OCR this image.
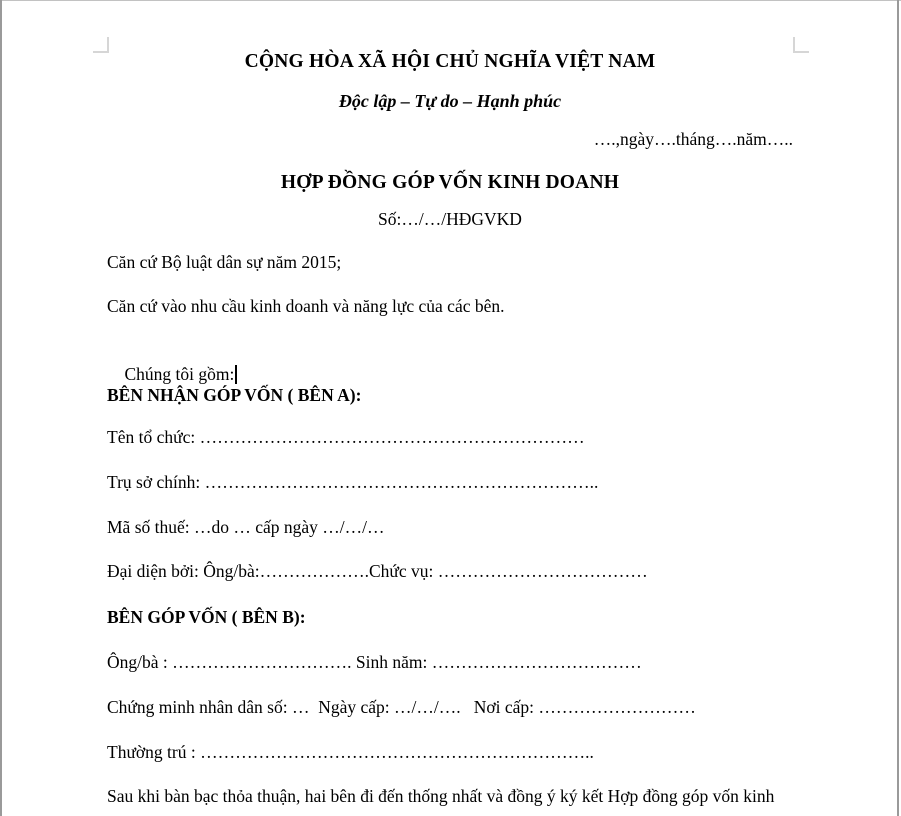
CỘNG HÒA XÃ HỘI CHỦ NGHĨA VIỆT NAM
Độc lập – Tự do – Hạnh phúc
….,ngày….tháng….năm…..
HỢP ĐỒNG GÓP VỐN KINH DOANH
Số:…/…/HĐGVKD
Căn cứ Bộ luật dân sự năm 2015;
Căn cứ vào nhu cầu kinh doanh và năng lực của các bên.

Chúng tôi gồm:

BÊN NHẬN GÓP VỐN ( BÊN A):
Tên tổ chức: …………………………………………………………
Trụ sở chính: …………………………………………………………..
Mã số thuế: …do … cấp ngày …/…/…
Đại diện bởi: Ông/bà:……………….Chức vụ: ………………………………
BÊN GÓP VỐN ( BÊN B):
Ông/bà : …………………………. Sinh năm: ………………………………
Chứng minh nhân dân số: …  Ngày cấp: …/…/….   Nơi cấp: ………………………
Thường trú : …………………………………………………………..
Sau khi bàn bạc thỏa thuận, hai bên đi đến thống nhất và đồng ý ký kết Hợp đồng góp vốn kinh
